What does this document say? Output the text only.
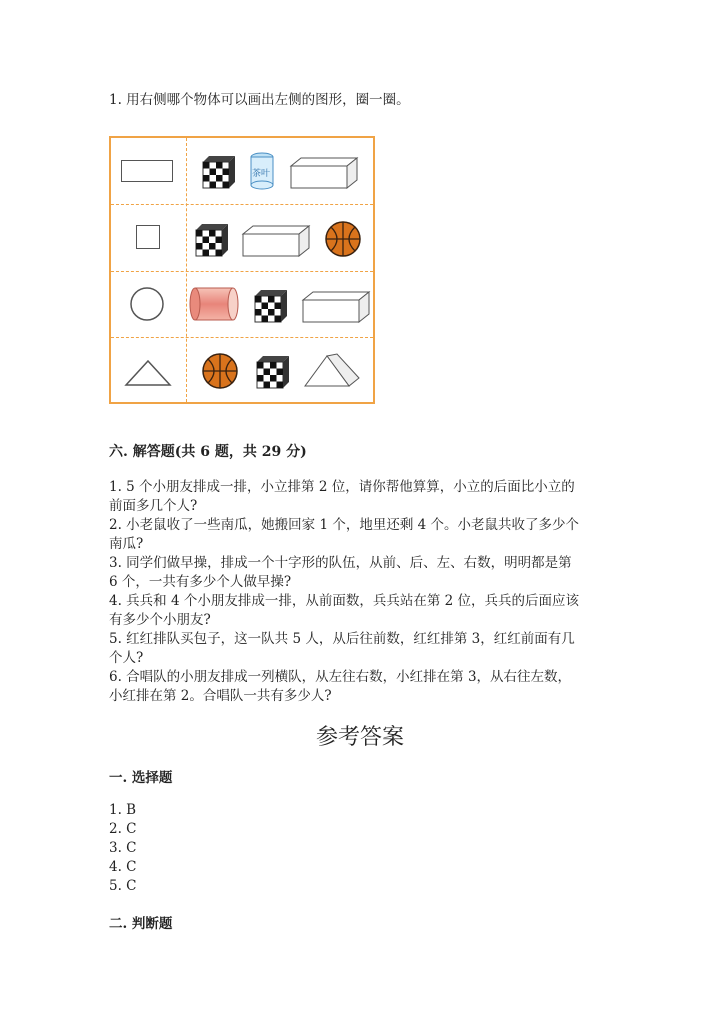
1. 用右侧哪个物体可以画出左侧的图形，圈一圈。
茶叶
六. 解答题(共 6 题，共 29 分)

1. 5 个小朋友排成一排，小立排第 2 位，请你帮他算算，小立的后面比小立的

前面多几个人?

2. 小老鼠收了一些南瓜，她搬回家 1 个，地里还剩 4 个。小老鼠共收了多少个

南瓜?

3. 同学们做早操，排成一个十字形的队伍，从前、后、左、右数，明明都是第

6 个，一共有多少个人做早操?

4. 兵兵和 4 个小朋友排成一排，从前面数，兵兵站在第 2 位，兵兵的后面应该

有多少个小朋友?

5. 红红排队买包子，这一队共 5 人，从后往前数，红红排第 3，红红前面有几

个人?

6. 合唱队的小朋友排成一列横队，从左往右数，小红排在第 3，从右往左数，

小红排在第 2。合唱队一共有多少人?

参考答案
一. 选择题
1. B
2. C
3. C
4. C
5. C
二. 判断题
